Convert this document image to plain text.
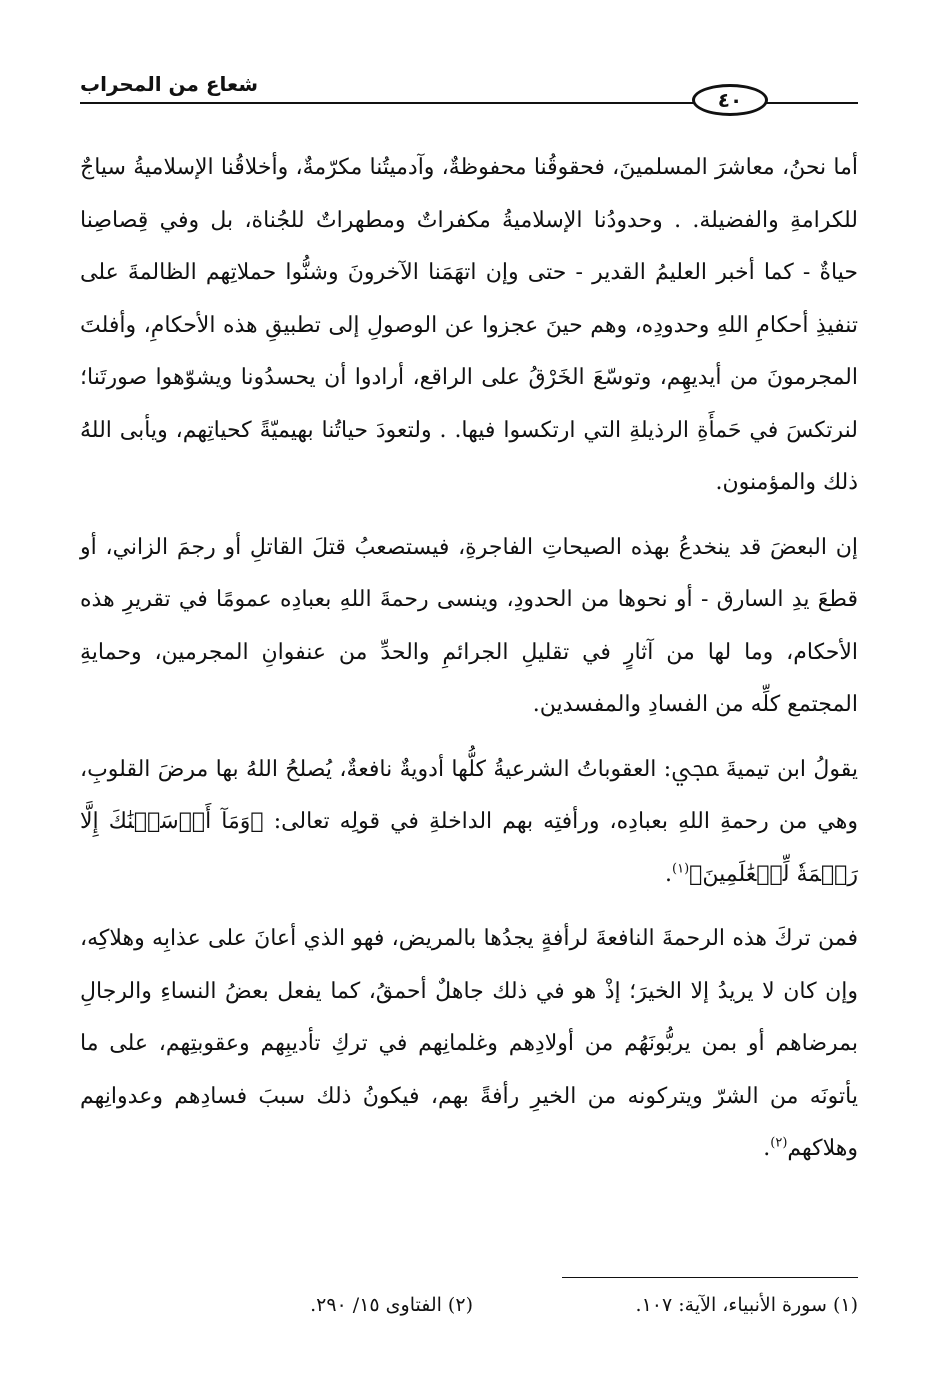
شعاع من المحراب
٤٠

أما نحنُ، معاشرَ المسلمينَ، فحقوقُنا محفوظةٌ، وآدميتُنا مكرّمةٌ، وأخلاقُنا الإسلاميةُ سياجٌ للكرامةِ والفضيلة. . وحدودُنا الإسلاميةُ مكفراتٌ ومطهراتٌ للجُناة، بل وفي قِصاصِنا حياةٌ - كما أخبر العليمُ القدير - حتى وإن اتهَمَنا الآخرونَ وشنُّوا حملاتِهم الظالمةَ على تنفيذِ أحكامِ اللهِ وحدودِه، وهم حينَ عجزوا عن الوصولِ إلى تطبيقِ هذه الأحكامِ، وأفلتَ المجرمونَ من أيديهِم، وتوسّعَ الخَرْقُ على الراقع، أرادوا أن يحسدُونا ويشوّهوا صورتَنا؛ لنرتكسَ في حَمأَةِ الرذيلةِ التي ارتكسوا فيها. . ولتعودَ حياتُنا بهيميّةً كحياتِهم، ويأبى اللهُ ذلك والمؤمنون.

إن البعضَ قد ينخدعُ بهذه الصيحاتِ الفاجرةِ، فيستصعبُ قتلَ القاتلِ أو رجمَ الزاني، أو قطعَ يدِ السارق - أو نحوها من الحدودِ، وينسى رحمةَ اللهِ بعبادِه عمومًا في تقريرِ هذه الأحكام، وما لها من آثارٍ في تقليلِ الجرائمِ والحدِّ من عنفوانِ المجرمين، وحمايةِ المجتمع كلِّه من الفسادِ والمفسدين.

يقولُ ابن تيميةَ ﷀ: العقوباتُ الشرعيةُ كلُّها أدويةٌ نافعةٌ، يُصلحُ اللهُ بها مرضَ القلوبِ، وهي من رحمةِ اللهِ بعبادِه، ورأفتِه بهم الداخلةِ في قولِه تعالى: ﴿وَمَآ أَرۡسَلۡنَٰكَ إِلَّا رَحۡمَةٗ لِّلۡعَٰلَمِينَ﴾$^{(١)}$.

فمن تركَ هذه الرحمةَ النافعةَ لرأفةٍ يجدُها بالمريض، فهو الذي أعانَ على عذابِه وهلاكِه، وإن كان لا يريدُ إلا الخيرَ؛ إذْ هو في ذلك جاهلٌ أحمقُ، كما يفعل بعضُ النساءِ والرجالِ بمرضاهم أو بمن يربُّونَهُم من أولادِهم وغلمانِهم في تركِ تأديبِهم وعقوبتِهم، على ما يأتونَه من الشرّ ويتركونه من الخيرِ رأفةً بهم، فيكونُ ذلك سببَ فسادِهم وعدوانِهم وهلاكهم$^{(٢)}$.

(١) سورة الأنبياء، الآية: ١٠٧.
(٢) الفتاوى ١٥/ ٢٩٠.
